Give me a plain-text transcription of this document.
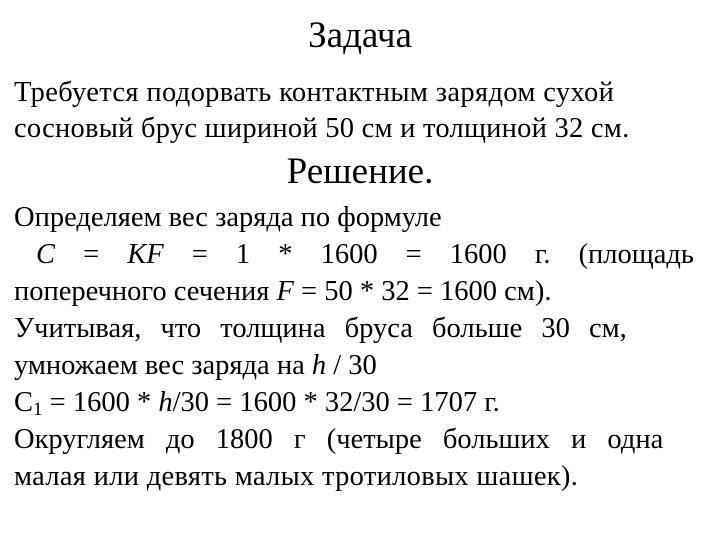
Задача
Требуется подорвать контактным зарядом сухой
сосновый брус шириной 50 см и толщиной 32 см.
Решение.
Определяем вес заряда по формуле
C = KF = 1 * 1600 = 1600 г. (площадь
поперечного сечения F = 50 * 32 = 1600 см).
Учитывая, что толщина бруса больше 30 см,
умножаем вес заряда на h / 30
$C_1 = 1600 * h/30 = 1600 * 32/30 = 1707$ г.
Округляем до 1800 г (четыре больших и одна
малая или девять малых тротиловых шашек).
